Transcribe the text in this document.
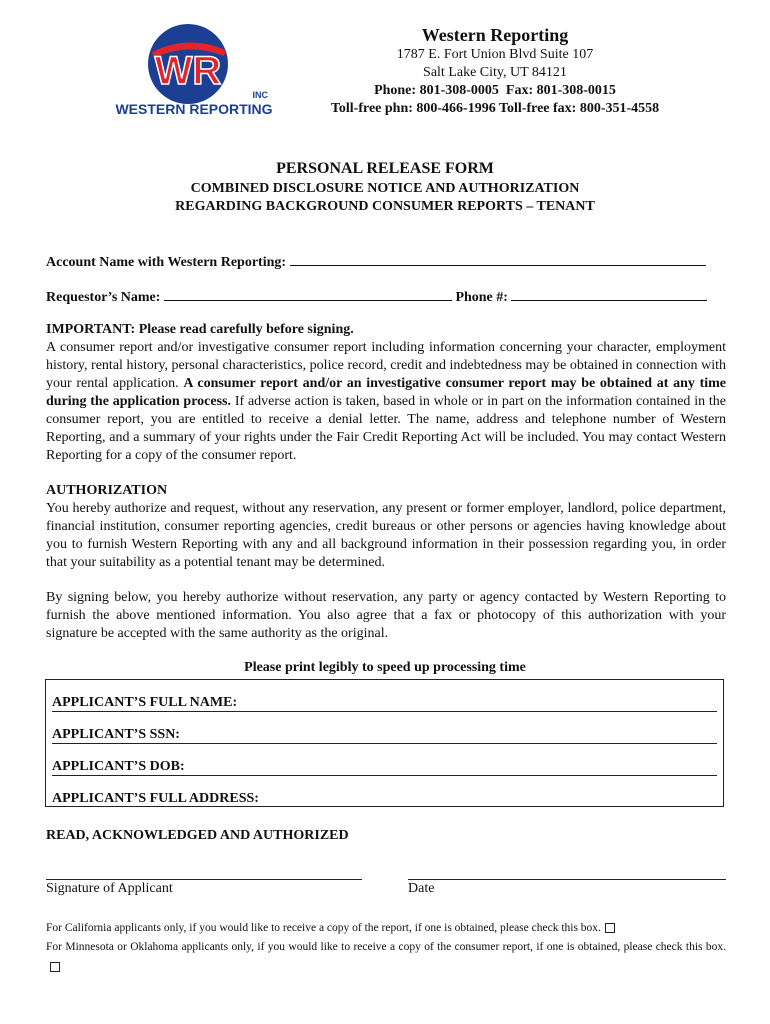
WR
INC
WESTERN REPORTING
Western Reporting
1787 E. Fort Union Blvd Suite 107
Salt Lake City, UT 84121
Phone: 801-308-0005  Fax: 801-308-0015
Toll-free phn: 800-466-1996 Toll-free fax: 800-351-4558
PERSONAL RELEASE FORM
COMBINED DISCLOSURE NOTICE AND AUTHORIZATION
REGARDING BACKGROUND CONSUMER REPORTS – TENANT
Account Name with Western Reporting:
Requestor’s Name:	Phone #:
IMPORTANT: Please read carefully before signing.
A consumer report and/or investigative consumer report including information concerning your character, employment history, rental history, personal characteristics, police record, credit and indebtedness may be obtained in connection with your rental application. A consumer report and/or an investigative consumer report may be obtained at any time during the application process. If adverse action is taken, based in whole or in part on the information contained in the consumer report, you are entitled to receive a denial letter. The name, address and telephone number of Western Reporting, and a summary of your rights under the Fair Credit Reporting Act will be included. You may contact Western Reporting for a copy of the consumer report.
AUTHORIZATION
You hereby authorize and request, without any reservation, any present or former employer, landlord, police department, financial institution, consumer reporting agencies, credit bureaus or other persons or agencies having knowledge about you to furnish Western Reporting with any and all background information in their possession regarding you, in order that your suitability as a potential tenant may be determined.
By signing below, you hereby authorize without reservation, any party or agency contacted by Western Reporting to furnish the above mentioned information. You also agree that a fax or photocopy of this authorization with your signature be accepted with the same authority as the original.
Please print legibly to speed up processing time
APPLICANT’S FULL NAME:
APPLICANT’S SSN:
APPLICANT’S DOB:
APPLICANT’S FULL ADDRESS:
READ, ACKNOWLEDGED AND AUTHORIZED
Signature of Applicant	Date
For California applicants only, if you would like to receive a copy of the report, if one is obtained, please check this box.
For Minnesota or Oklahoma applicants only, if you would like to receive a copy of the consumer report, if one is obtained, please check this box.
